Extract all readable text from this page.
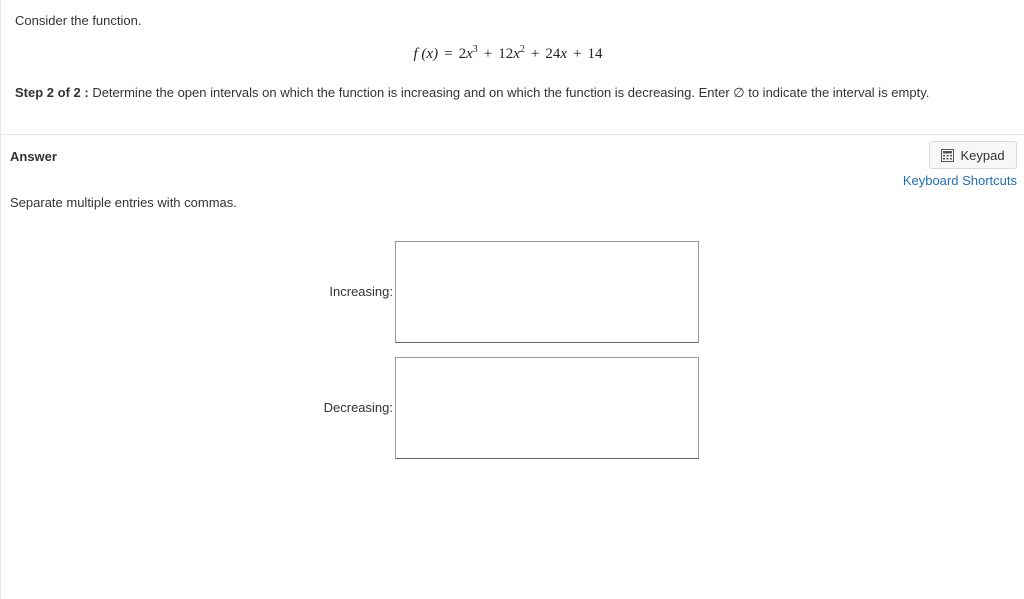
Consider the function.
f $(x) = 2x^3 + 12x^2 + 24x + 14$
Step 2 of 2 : Determine the open intervals on which the function is increasing and on which the function is decreasing. Enter ∅ to indicate the interval is empty.
Answer	Keypad
Keyboard Shortcuts
Separate multiple entries with commas.
Increasing:
Decreasing:
